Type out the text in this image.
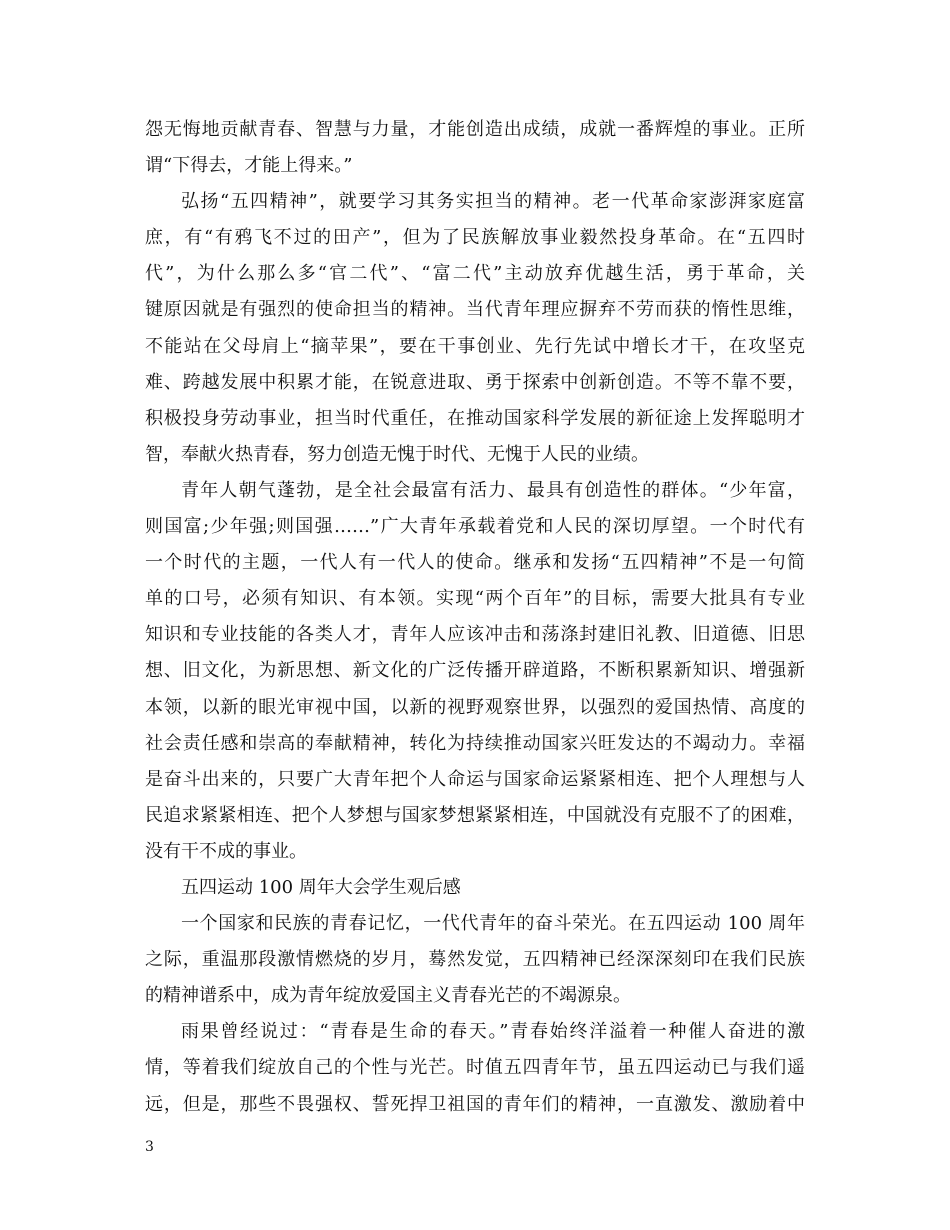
怨无悔地贡献青春、智慧与力量，才能创造出成绩，成就一番辉煌的事业。正所
谓“下得去，才能上得来。”
弘扬“五四精神”，就要学习其务实担当的精神。老一代革命家澎湃家庭富
庶，有“有鸦飞不过的田产”，但为了民族解放事业毅然投身革命。在“五四时
代”，为什么那么多“官二代”、“富二代”主动放弃优越生活，勇于革命，关
键原因就是有强烈的使命担当的精神。当代青年理应摒弃不劳而获的惰性思维，
不能站在父母肩上“摘苹果”，要在干事创业、先行先试中增长才干，在攻坚克
难、跨越发展中积累才能，在锐意进取、勇于探索中创新创造。不等不靠不要，
积极投身劳动事业，担当时代重任，在推动国家科学发展的新征途上发挥聪明才
智，奉献火热青春，努力创造无愧于时代、无愧于人民的业绩。
青年人朝气蓬勃，是全社会最富有活力、最具有创造性的群体。“少年富，
则国富;少年强;则国强……”广大青年承载着党和人民的深切厚望。一个时代有
一个时代的主题，一代人有一代人的使命。继承和发扬“五四精神”不是一句简
单的口号，必须有知识、有本领。实现“两个百年”的目标，需要大批具有专业
知识和专业技能的各类人才，青年人应该冲击和荡涤封建旧礼教、旧道德、旧思
想、旧文化，为新思想、新文化的广泛传播开辟道路，不断积累新知识、增强新
本领，以新的眼光审视中国，以新的视野观察世界，以强烈的爱国热情、高度的
社会责任感和崇高的奉献精神，转化为持续推动国家兴旺发达的不竭动力。幸福
是奋斗出来的，只要广大青年把个人命运与国家命运紧紧相连、把个人理想与人
民追求紧紧相连、把个人梦想与国家梦想紧紧相连，中国就没有克服不了的困难，
没有干不成的事业。
五四运动 100 周年大会学生观后感
一个国家和民族的青春记忆，一代代青年的奋斗荣光。在五四运动 100 周年
之际，重温那段激情燃烧的岁月，蓦然发觉，五四精神已经深深刻印在我们民族
的精神谱系中，成为青年绽放爱国主义青春光芒的不竭源泉。
雨果曾经说过：“青春是生命的春天。”青春始终洋溢着一种催人奋进的激
情，等着我们绽放自己的个性与光芒。时值五四青年节，虽五四运动已与我们遥
远，但是，那些不畏强权、誓死捍卫祖国的青年们的精神，一直激发、激励着中
3
